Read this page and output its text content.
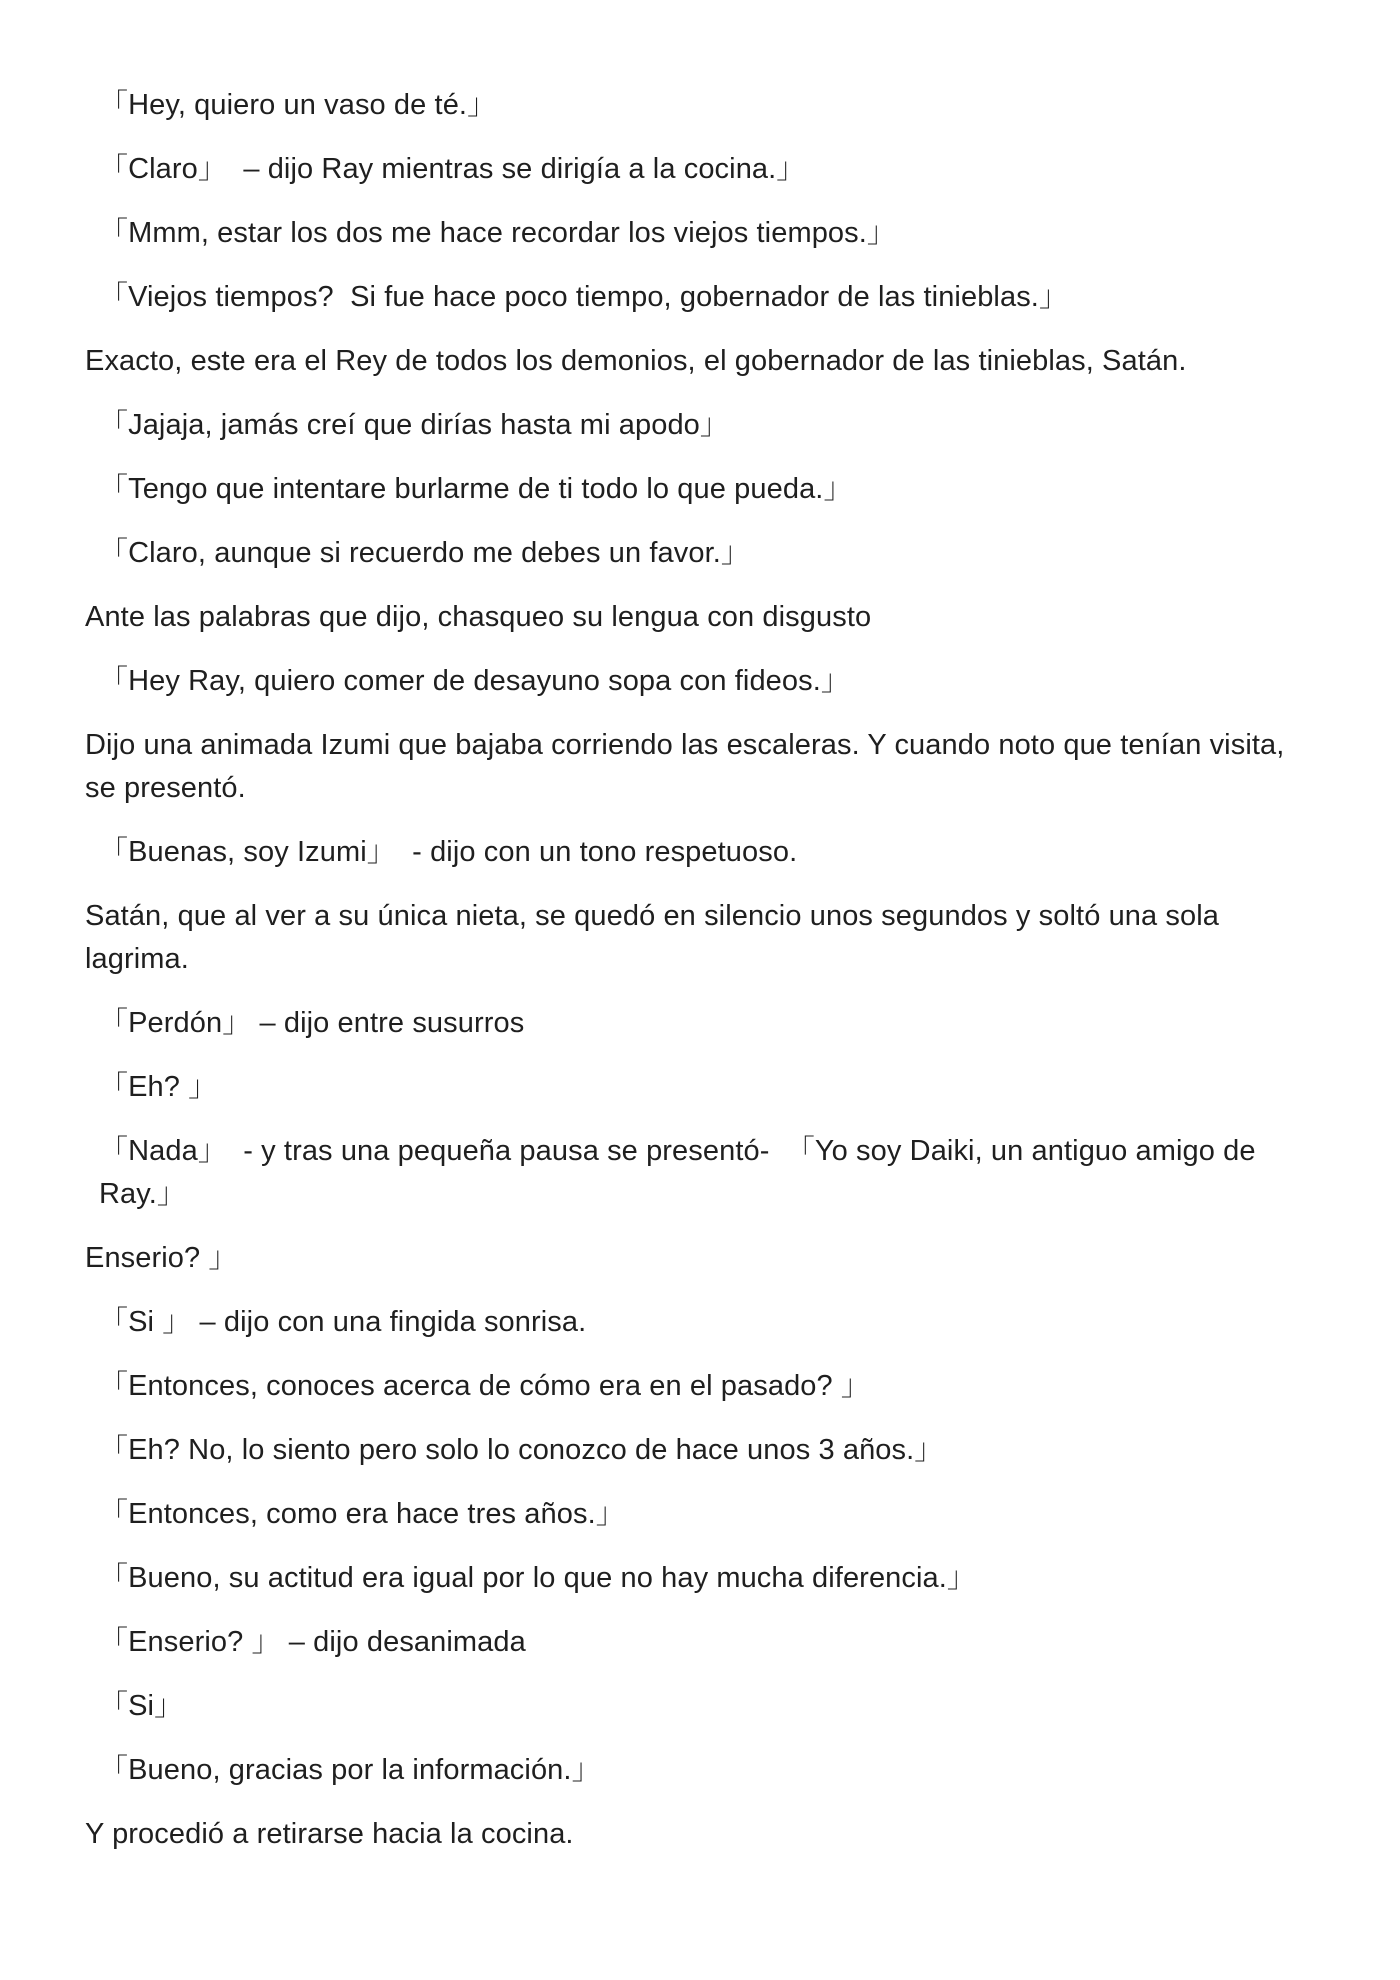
「Hey, quiero un vaso de té.」

「Claro」  – dijo Ray mientras se dirigía a la cocina.」

「Mmm, estar los dos me hace recordar los viejos tiempos.」

「Viejos tiempos?  Si fue hace poco tiempo, gobernador de las tinieblas.」

Exacto, este era el Rey de todos los demonios, el gobernador de las tinieblas, Satán.

「Jajaja, jamás creí que dirías hasta mi apodo」

「Tengo que intentare burlarme de ti todo lo que pueda.」

「Claro, aunque si recuerdo me debes un favor.」

Ante las palabras que dijo, chasqueo su lengua con disgusto

「Hey Ray, quiero comer de desayuno sopa con fideos.」

Dijo una animada Izumi que bajaba corriendo las escaleras. Y cuando noto que tenían visita, se presentó.

「Buenas, soy Izumi」  - dijo con un tono respetuoso.

Satán, que al ver a su única nieta, se quedó en silencio unos segundos y soltó una sola lagrima.

「Perdón」 – dijo entre susurros

「Eh? 」

「Nada」  - y tras una pequeña pausa se presentó-  「Yo soy Daiki, un antiguo amigo de Ray.」

Enserio? 」

「Si 」 – dijo con una fingida sonrisa.

「Entonces, conoces acerca de cómo era en el pasado? 」

「Eh? No, lo siento pero solo lo conozco de hace unos 3 años.」

「Entonces, como era hace tres años.」

「Bueno, su actitud era igual por lo que no hay mucha diferencia.」

「Enserio? 」 – dijo desanimada

「Si」

「Bueno, gracias por la información.」

Y procedió a retirarse hacia la cocina.
